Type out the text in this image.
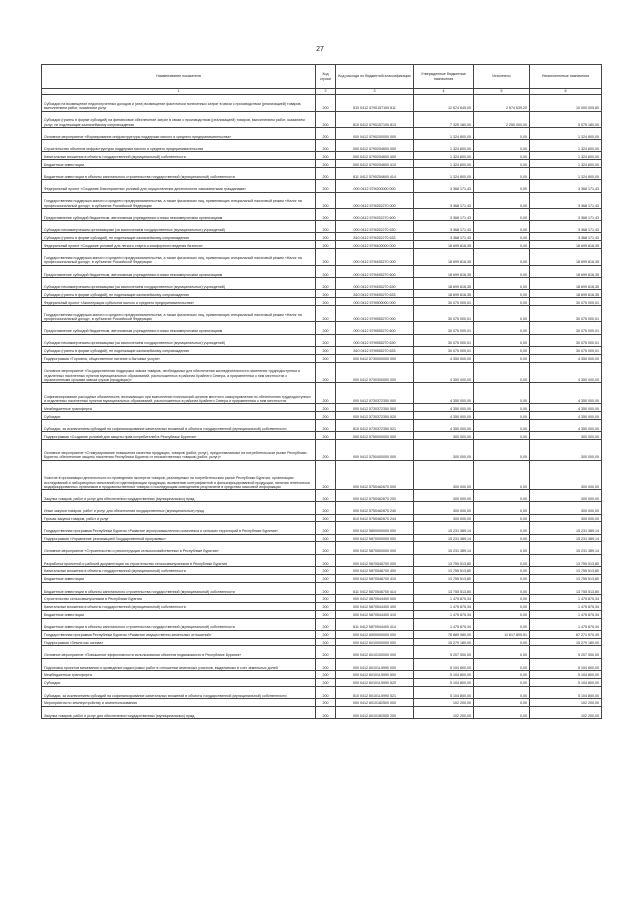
27
Наименование показателя	Код строки	Код расхода по бюджетной классификации	Утвержденные бюджетные назначения	Исполнено	Неисполненные назначения
1	2	3	4	5	6
Субсидии на возмещение недополученных доходов и (или) возмещение фактически понесенных затрат в связи с производством (реализацией) товаров, выполнением работ, оказанием услуг	200	810 0412 5790157100 811	12 674 645,00	2 674 639,20	10 000 005,80
Субсидии (гранты в форме субсидий) на финансовое обеспечение затрат в связи с производством (реализацией) товаров, выполнением работ, оказанием услуг, не подлежащие казначейскому сопровождению	200	810 0412 5790157100 813	7 325 180,00	2 250 000,00	5 075 180,00
Основное мероприятие «Формирование инфраструктуры поддержки малого и среднего предпринимательства»	200	000 0412 5790200000 000	1 324 800,00	0,00	1 324 800,00
Строительство объектов инфраструктуры поддержки малого и среднего предпринимательства	200	000 0412 5790254600 000	1 324 800,00	0,00	1 324 800,00
Капитальные вложения в объекты государственной (муниципальной) собственности	200	000 0412 5790254600 400	1 324 800,00	0,00	1 324 800,00
Бюджетные инвестиции	200	000 0412 5790254600 410	1 324 800,00	0,00	1 324 800,00
Бюджетные инвестиции в объекты капитального строительства государственной (муниципальной) собственности	200	811 0412 5790254600 414	1 324 800,00	0,00	1 324 800,00
Федеральный проект «Создание благоприятных условий для осуществления деятельности самозанятыми гражданами»	200	000 0412 579I200000 000	3 368 171,43	0,00	3 368 171,43
Государственная поддержка малого и среднего предпринимательства, а также физических лиц, применяющих специальный налоговый режим «Налог на профессиональный доход», в субъектах Российской Федерации	200	000 0412 579I252270 000	3 368 171,43	0,00	3 368 171,43
Предоставление субсидий бюджетным, автономным учреждениям и иным некоммерческим организациям	200	000 0412 579I252270 600	3 368 171,43	0,00	3 368 171,43
Субсидии некоммерческим организациям (за исключением государственных (муниципальных) учреждений)	200	000 0412 579I252270 630	3 368 171,43	0,00	3 368 171,43
Субсидии (гранты в форме субсидий), не подлежащие казначейскому сопровождению	200	810 0412 579I252270 633	3 368 171,43	0,00	3 368 171,43
Федеральный проект «Создание условий для легкого старта и комфортного ведения бизнеса»	200	000 0412 579I400000 000	18 699 816,35	0,00	18 699 816,35
Государственная поддержка малого и среднего предпринимательства, а также физических лиц, применяющих специальный налоговый режим «Налог на профессиональный доход», в субъектах Российской Федерации	200	000 0412 579I455270 000	18 699 816,35	0,00	18 699 816,35
Предоставление субсидий бюджетным, автономным учреждениям и иным некоммерческим организациям	200	000 0412 579I455270 600	18 699 816,35	0,00	18 699 816,35
Субсидии некоммерческим организациям (за исключением государственных (муниципальных) учреждений)	200	000 0412 579I455270 630	18 699 816,35	0,00	18 699 816,35
Субсидии (гранты в форме субсидий), не подлежащие казначейскому сопровождению	200	810 0412 579I455270 633	18 699 816,35	0,00	18 699 816,35
Федеральный проект «Акселерация субъектов малого и среднего предпринимательства»	200	000 0412 579I500000 000	30 075 000,01	0,00	30 075 000,01
Государственная поддержка малого и среднего предпринимательства, а также физических лиц, применяющих специальный налоговый режим «Налог на профессиональный доход», в субъектах Российской Федерации	200	000 0412 579I555270 000	30 075 000,01	0,00	30 075 000,01
Предоставление субсидий бюджетным, автономным учреждениям и иным некоммерческим организациям	200	000 0412 579I555270 600	30 075 000,01	0,00	30 075 000,01
Субсидии некоммерческим организациям (за исключением государственных (муниципальных) учреждений)	200	000 0412 579I555270 630	30 075 000,01	0,00	30 075 000,01
Субсидии (гранты в форме субсидий), не подлежащие казначейскому сопровождению	200	810 0412 579I555270 633	30 075 000,01	0,00	30 075 000,01
Подпрограмма «Торговля, общественное питание и бытовые услуги»	200	000 0412 5730000000 000	4 350 000,00	0,00	4 350 000,00
Основное мероприятие «Государственная поддержка завоза товаров, необходимых для обеспечения жизнедеятельности населения труднодоступных и отдаленных населенных пунктов муниципальных образований, расположенных в районах Крайнего Севера, а приравненных к ним местностях с ограниченными сроками завоза грузов (продукции)»	200	000 0412 5730300000 000	4 350 000,00	0,00	4 350 000,00
Софинансирование расходных обязательств, возникающих при выполнении полномочий органов местного самоуправления по обеспечению труднодоступных и отдаленных населенных пунктов муниципальных образований, расположенных в районах Крайнего Севера и приравненных к ним местностях	200	000 0412 5730372350 000	4 350 000,00	0,00	4 350 000,00
Межбюджетные трансферты	200	000 0412 5730372350 500	4 350 000,00	0,00	4 350 000,00
Субсидии	200	000 0412 5730372350 520	4 350 000,00	0,00	4 350 000,00
Субсидии, за исключением субсидий на софинансирование капитальных вложений в объекты государственной (муниципальной) собственности	200	810 0412 5730372350 521	4 350 000,00	0,00	4 350 000,00
Подпрограмма «Создание условий для защиты прав потребителей в Республике Бурятия»	200	000 0412 5750000000 000	300 000,00	0,00	300 000,00
Основное мероприятие «Стимулирование повышения качества продукции, товаров (работ, услуг), предоставляемых на потребительском рынке Республики Бурятия, обеспечение защиты населения Республики Бурятия от некачественных товаров (работ, услуг)»	200	000 0412 5750400000 000	300 000,00	0,00	300 000,00
Участие в организации деятельности по проведению экспертиз товаров, реализуемых на потребительском рынке Республики Бурятия, организацию исследований и лабораторных испытаний по идентификации продукции, выявлению контрафактной и фальсифицированной продукции, наличия генетически модифицированных организмов в продовольственных товарах и последующим освещением результатов в средствах массовой информации	200	000 0412 5750462670 000	300 000,00	0,00	300 000,00
Закупка товаров, работ и услуг для обеспечения государственных (муниципальных) нужд	200	000 0412 5750462670 200	300 000,00	0,00	300 000,00
Иные закупки товаров, работ и услуг для обеспечения государственных (муниципальных) нужд	200	000 0412 5750462670 240	300 000,00	0,00	300 000,00
Прочая закупка товаров, работ и услуг	200	810 0412 5750462670 244	300 000,00	0,00	300 000,00
Государственная программа Республики Бурятия «Развитие агропромышленного комплекса и сельских территорий в Республике Бурятия»	200	000 0412 5800000000 000	15 231 389,14	0,00	15 231 389,14
Подпрограмма «Управление реализацией Государственной программы»	200	000 0412 5870000000 000	15 231 389,14	0,00	15 231 389,14
Основное мероприятие «Строительство и реконструкция сельскохозяйственных в Республике Бурятия»	200	000 0412 5870500000 000	15 231 389,14	0,00	15 231 389,14
Разработка проектной и рабочей документации на строительство сельхозвыпускников в Республике Бурятия	200	000 0412 5870546700 000	13 755 513,80	0,00	13 755 513,80
Капитальные вложения в объекты государственной (муниципальной) собственности	200	000 0412 5870546700 400	13 755 513,80	0,00	13 755 513,80
Бюджетные инвестиции	200	000 0412 5870546700 410	13 755 513,80	0,00	13 755 513,80
Бюджетные инвестиции в объекты капитального строительства государственной (муниципальной) собственности	200	811 0412 5870546700 414	13 755 513,80	0,00	13 755 513,80
Строительство сельхозвыпускников в Республике Бурятия	200	000 0412 5870544400 000	1 475 875,34	0,00	1 475 875,34
Капитальные вложения в объекты государственной (муниципальной) собственности	200	000 0412 5870544400 400	1 475 875,34	0,00	1 475 875,34
Бюджетные инвестиции	200	000 0412 5870544400 410	1 475 875,34	0,00	1 475 875,34
Бюджетные инвестиции в объекты капитального строительства государственной (муниципальной) собственности	200	811 0412 5870544400 414	1 475 875,34	0,00	1 475 875,34
Государственная программа Республики Бурятия «Развитие имущественно-земельных отношений»	200	000 0412 6000000000 000	78 889 980,00	11 617 809,51	67 271 970,49
Подпрограмма «Земля как основа»	200	000 0412 6010000000 000	15 279 180,00	0,00	15 279 180,00
Основное мероприятие «Повышение эффективности использования объектов недвижимости в Республике Бурятия»	200	000 0412 6010100000 000	5 207 000,00	0,00	5 207 000,00
Подготовка проектов межевания и проведение кадастровых работ в отношении земельных участков, выделяемых в счет земельных долей	200	000 0412 60101L5990 000	5 104 800,00	0,00	5 104 800,00
Межбюджетные трансферты	200	000 0412 60101L5990 500	5 104 800,00	0,00	5 104 800,00
Субсидии	200	000 0412 60101L5990 520	5 104 800,00	0,00	5 104 800,00
Субсидии, за исключением субсидий на софинансирование капитальных вложений в объекты государственной (муниципальной) собственности	200	810 0412 60101L5990 521	5 104 800,00	0,00	5 104 800,00
Мероприятия по землеустройству и землепользованию	200	000 0412 6010182500 000	102 200,00	0,00	102 200,00
Закупка товаров, работ и услуг для обеспечения государственных (муниципальных) нужд	200	000 0412 6010182500 200	102 200,00	0,00	102 200,00
